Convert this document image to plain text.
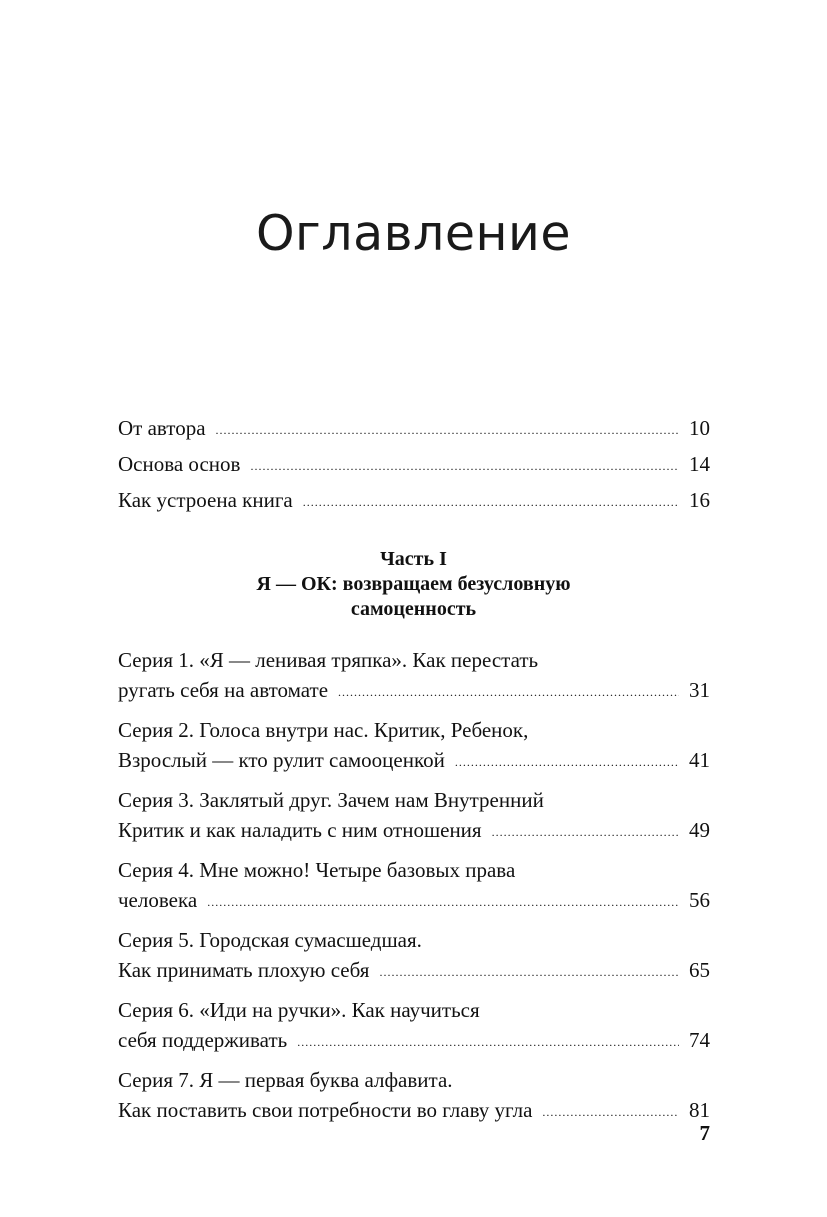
Оглавление
От автора . . .	10
Основа основ . . .	14
Как устроена книга . . .	16
Часть I
Я — ОК: возвращаем безусловную
самоценность
Серия 1. «Я — ленивая тряпка». Как перестать
ругать себя на автомате . . .	31
Серия 2. Голоса внутри нас. Критик, Ребенок,
Взрослый — кто рулит самооценкой . . .	41
Серия 3. Заклятый друг. Зачем нам Внутренний
Критик и как наладить с ним отношения . . .	49
Серия 4. Мне можно! Четыре базовых права
человека . . .	56
Серия 5. Городская сумасшедшая.
Как принимать плохую себя . . .	65
Серия 6. «Иди на ручки». Как научиться
себя поддерживать . . .	74
Серия 7. Я — первая буква алфавита.
Как поставить свои потребности во главу угла . . .	81
7
